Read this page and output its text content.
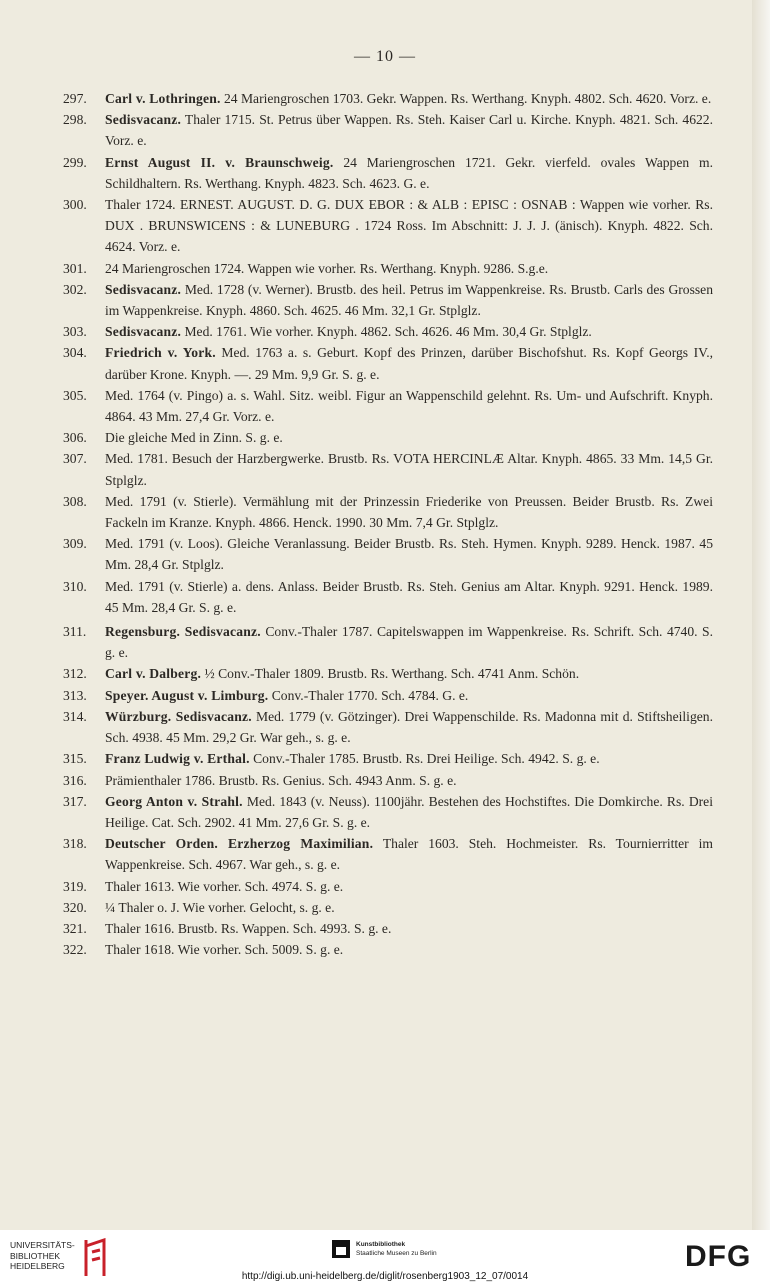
— 10 —
297. Carl v. Lothringen. 24 Mariengroschen 1703. Gekr. Wappen. Rs. Werthang. Knyph. 4802. Sch. 4620. Vorz. e.
298. Sedisvacanz. Thaler 1715. St. Petrus über Wappen. Rs. Steh. Kaiser Carl u. Kirche. Knyph. 4821. Sch. 4622. Vorz. e.
299. Ernst August II. v. Braunschweig. 24 Mariengroschen 1721. Gekr. vierfeld. ovales Wappen m. Schildhaltern. Rs. Werthang. Knyph. 4823. Sch. 4623. G. e.
300. Thaler 1724. ERNEST. AUGUST. D. G. DUX EBOR : & ALB : EPISC : OSNAB : Wappen wie vorher. Rs. DUX . BRUNSWICENS : & LUNEBURG . 1724 Ross. Im Abschnitt: J. J. J. (änisch). Knyph. 4822. Sch. 4624. Vorz. e.
301. 24 Mariengroschen 1724. Wappen wie vorher. Rs. Werthang. Knyph. 9286. S.g.e.
302. Sedisvacanz. Med. 1728 (v. Werner). Brustb. des heil. Petrus im Wappenkreise. Rs. Brustb. Carls des Grossen im Wappenkreise. Knyph. 4860. Sch. 4625. 46 Mm. 32,1 Gr. Stplglz.
303. Sedisvacanz. Med. 1761. Wie vorher. Knyph. 4862. Sch. 4626. 46 Mm. 30,4 Gr. Stplglz.
304. Friedrich v. York. Med. 1763 a. s. Geburt. Kopf des Prinzen, darüber Bischofshut. Rs. Kopf Georgs IV., darüber Krone. Knyph. —. 29 Mm. 9,9 Gr. S. g. e.
305. Med. 1764 (v. Pingo) a. s. Wahl. Sitz. weibl. Figur an Wappenschild gelehnt. Rs. Um- und Aufschrift. Knyph. 4864. 43 Mm. 27,4 Gr. Vorz. e.
306. Die gleiche Med in Zinn. S. g. e.
307. Med. 1781. Besuch der Harzbergwerke. Brustb. Rs. VOTA HERCINLÆ Altar. Knyph. 4865. 33 Mm. 14,5 Gr. Stplglz.
308. Med. 1791 (v. Stierle). Vermählung mit der Prinzessin Friederike von Preussen. Beider Brustb. Rs. Zwei Fackeln im Kranze. Knyph. 4866. Henck. 1990. 30 Mm. 7,4 Gr. Stplglz.
309. Med. 1791 (v. Loos). Gleiche Veranlassung. Beider Brustb. Rs. Steh. Hymen. Knyph. 9289. Henck. 1987. 45 Mm. 28,4 Gr. Stplglz.
310. Med. 1791 (v. Stierle) a. dens. Anlass. Beider Brustb. Rs. Steh. Genius am Altar. Knyph. 9291. Henck. 1989. 45 Mm. 28,4 Gr. S. g. e.
311. Regensburg. Sedisvacanz. Conv.-Thaler 1787. Capitelswappen im Wappenkreise. Rs. Schrift. Sch. 4740. S. g. e.
312. Carl v. Dalberg. ½ Conv.-Thaler 1809. Brustb. Rs. Werthang. Sch. 4741 Anm. Schön.
313. Speyer. August v. Limburg. Conv.-Thaler 1770. Sch. 4784. G. e.
314. Würzburg. Sedisvacanz. Med. 1779 (v. Götzinger). Drei Wappenschilde. Rs. Madonna mit d. Stiftsheiligen. Sch. 4938. 45 Mm. 29,2 Gr. War geh., s. g. e.
315. Franz Ludwig v. Erthal. Conv.-Thaler 1785. Brustb. Rs. Drei Heilige. Sch. 4942. S. g. e.
316. Prämienthaler 1786. Brustb. Rs. Genius. Sch. 4943 Anm. S. g. e.
317. Georg Anton v. Strahl. Med. 1843 (v. Neuss). 1100jähr. Bestehen des Hochstiftes. Die Domkirche. Rs. Drei Heilige. Cat. Sch. 2902. 41 Mm. 27,6 Gr. S. g. e.
318. Deutscher Orden. Erzherzog Maximilian. Thaler 1603. Steh. Hochmeister. Rs. Tournierritter im Wappenkreise. Sch. 4967. War geh., s. g. e.
319. Thaler 1613. Wie vorher. Sch. 4974. S. g. e.
320. ¼ Thaler o. J. Wie vorher. Gelocht, s. g. e.
321. Thaler 1616. Brustb. Rs. Wappen. Sch. 4993. S. g. e.
322. Thaler 1618. Wie vorher. Sch. 5009. S. g. e.
UNIVERSITÄTS-
BIBLIOTHEK
HEIDELBERG
Kunstbibliothek
Staatliche Museen zu Berlin	DFG
http://digi.ub.uni-heidelberg.de/diglit/rosenberg1903_12_07/0014
